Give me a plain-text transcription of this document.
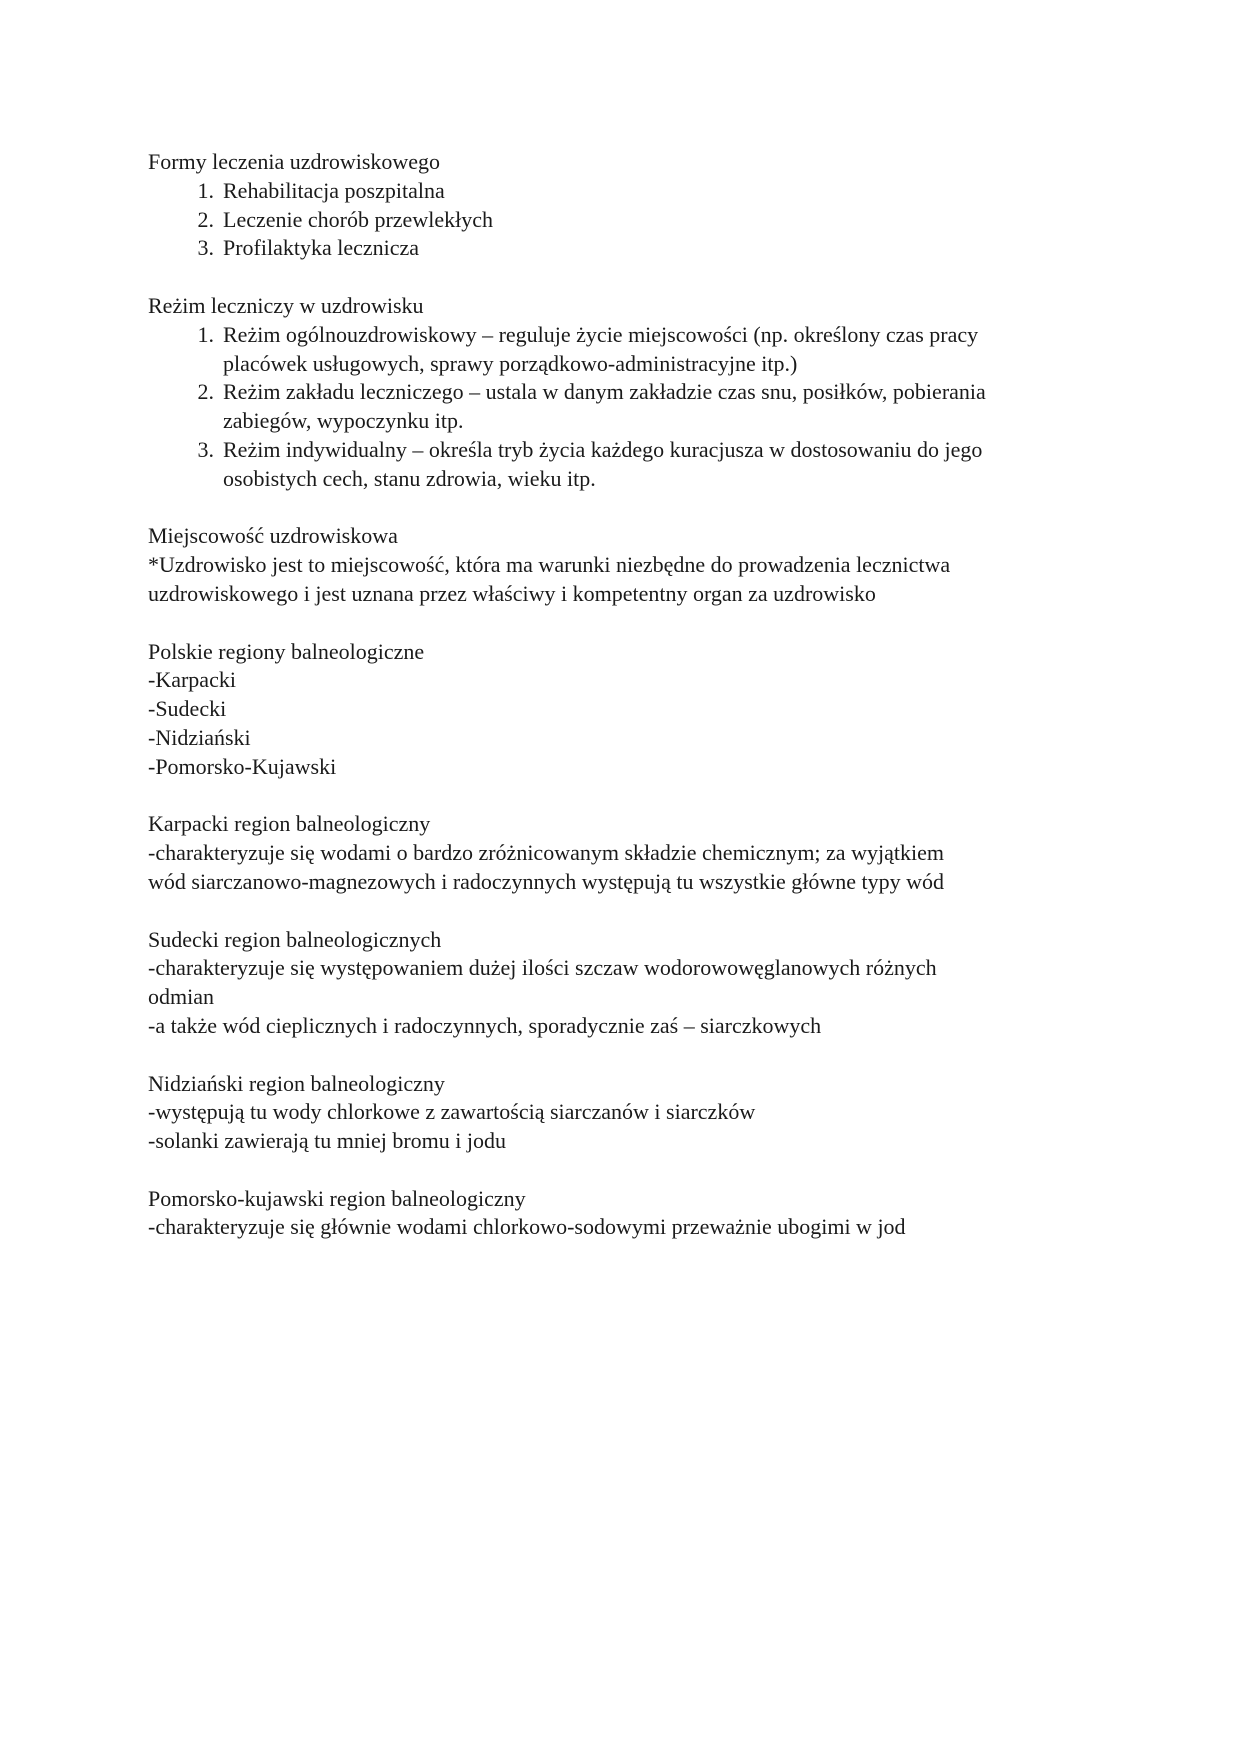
Formy leczenia uzdrowiskowego

1. Rehabilitacja poszpitalna
2. Leczenie chorób przewlekłych
3. Profilaktyka lecznicza

Reżim leczniczy w uzdrowisku

1. Reżim ogólnouzdrowiskowy – reguluje życie miejscowości (np. określony czas pracy
placówek usługowych, sprawy porządkowo-administracyjne itp.)
2. Reżim zakładu leczniczego – ustala w danym zakładzie czas snu, posiłków, pobierania
zabiegów, wypoczynku itp.
3. Reżim indywidualny – określa tryb życia każdego kuracjusza w dostosowaniu do jego
osobistych cech, stanu zdrowia, wieku itp.

Miejscowość uzdrowiskowa

*Uzdrowisko jest to miejscowość, która ma warunki niezbędne do prowadzenia lecznictwa

uzdrowiskowego i jest uznana przez właściwy i kompetentny organ za uzdrowisko

Polskie regiony balneologiczne

-Karpacki

-Sudecki

-Nidziański

-Pomorsko-Kujawski

Karpacki region balneologiczny

-charakteryzuje się wodami o bardzo zróżnicowanym składzie chemicznym; za wyjątkiem

wód siarczanowo-magnezowych i radoczynnych występują tu wszystkie główne typy wód

Sudecki region balneologicznych

-charakteryzuje się występowaniem dużej ilości szczaw wodorowowęglanowych różnych

odmian

-a także wód cieplicznych i radoczynnych, sporadycznie zaś – siarczkowych

Nidziański region balneologiczny

-występują tu wody chlorkowe z zawartością siarczanów i siarczków

-solanki zawierają tu mniej bromu i jodu

Pomorsko-kujawski region balneologiczny

-charakteryzuje się głównie wodami chlorkowo-sodowymi przeważnie ubogimi w jod
